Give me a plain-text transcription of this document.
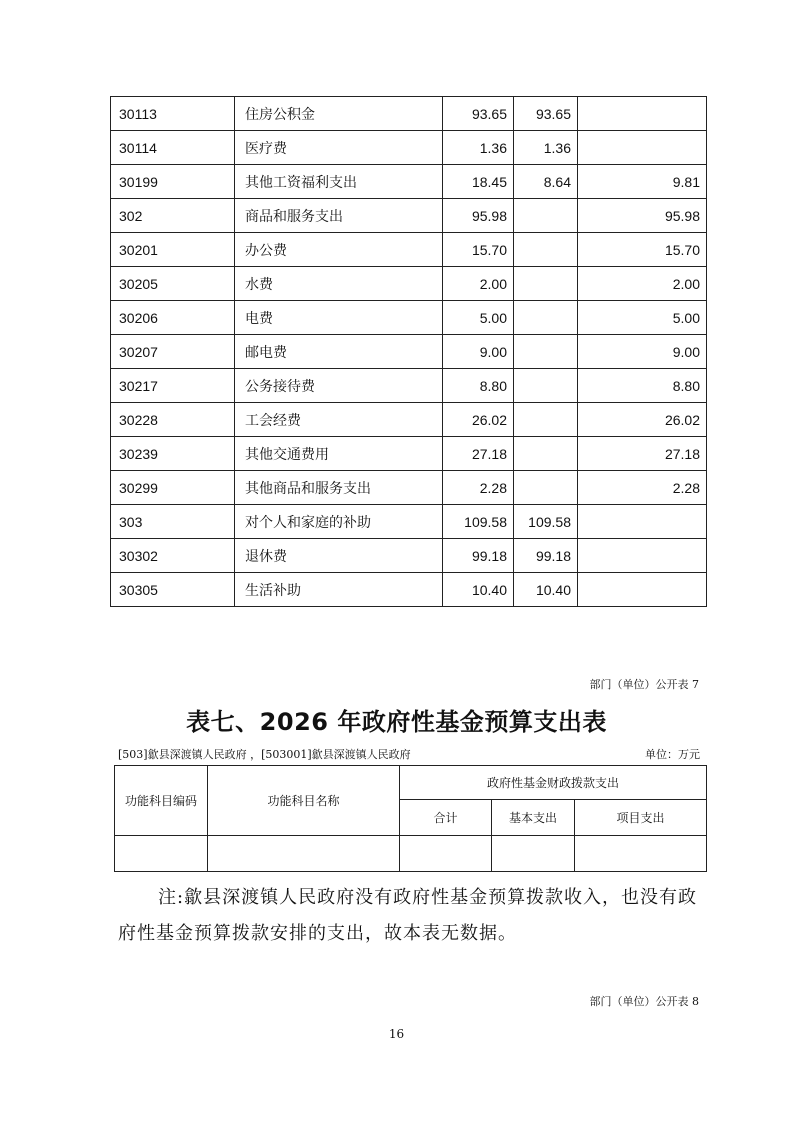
30113	住房公积金	93.65	93.65	
30114	医疗费	1.36	1.36	
30199	其他工资福利支出	18.45	8.64	9.81
302	商品和服务支出	95.98		95.98
30201	办公费	15.70		15.70
30205	水费	2.00		2.00
30206	电费	5.00		5.00
30207	邮电费	9.00		9.00
30217	公务接待费	8.80		8.80
30228	工会经费	26.02		26.02
30239	其他交通费用	27.18		27.18
30299	其他商品和服务支出	2.28		2.28
303	对个人和家庭的补助	109.58	109.58	
30302	退休费	99.18	99.18	
30305	生活补助	10.40	10.40	
部门（单位）公开表 7
表七、2026 年政府性基金预算支出表
[503]歙县深渡镇人民政府 ，[503001]歙县深渡镇人民政府	单位：万元
功能科目编码	功能科目名称	政府性基金财政拨款支出		
		合计	基本支出	项目支出

注:歙县深渡镇人民政府没有政府性基金预算拨款收入，也没有政府性基金预算拨款安排的支出，故本表无数据。
部门（单位）公开表 8
16
